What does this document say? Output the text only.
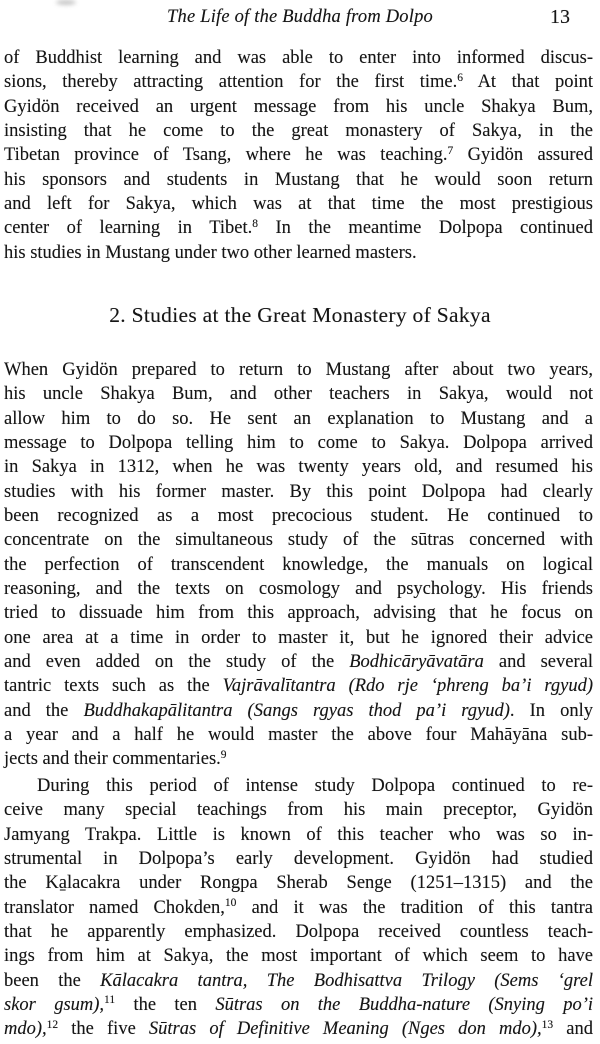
The Life of the Buddha from Dolpo	13
of Buddhist learning and was able to enter into informed discus-
sions, thereby attracting attention for the first time.$^6$ At that point
Gyidön received an urgent message from his uncle Shakya Bum,
insisting that he come to the great monastery of Sakya, in the
Tibetan province of Tsang, where he was teaching.$^7$ Gyidön assured
his sponsors and students in Mustang that he would soon return
and left for Sakya, which was at that time the most prestigious
center of learning in Tibet.$^8$ In the meantime Dolpopa continued
his studies in Mustang under two other learned masters.
2. Studies at the Great Monastery of Sakya
When Gyidön prepared to return to Mustang after about two years,
his uncle Shakya Bum, and other teachers in Sakya, would not
allow him to do so. He sent an explanation to Mustang and a
message to Dolpopa telling him to come to Sakya. Dolpopa arrived
in Sakya in 1312, when he was twenty years old, and resumed his
studies with his former master. By this point Dolpopa had clearly
been recognized as a most precocious student. He continued to
concentrate on the simultaneous study of the sūtras concerned with
the perfection of transcendent knowledge, the manuals on logical
reasoning, and the texts on cosmology and psychology. His friends
tried to dissuade him from this approach, advising that he focus on
one area at a time in order to master it, but he ignored their advice
and even added on the study of the Bodhicāryāvatāra and several
tantric texts such as the Vajrāvalītantra (Rdo rje ‘phreng ba’i rgyud)
and the Buddhakapālitantra (Sangs rgyas thod pa’i rgyud). In only
a year and a half he would master the above four Mahāyāna sub-
jects and their commentaries.$^9$
During this period of intense study Dolpopa continued to re-
ceive many special teachings from his main preceptor, Gyidön
Jamyang Trakpa. Little is known of this teacher who was so in-
strumental in Dolpopa’s early development. Gyidön had studied
the Ka̱lacakra under Rongpa Sherab Senge (1251–1315) and the
translator named Chokden,$^{10}$ and it was the tradition of this tantra
that he apparently emphasized. Dolpopa received countless teach-
ings from him at Sakya, the most important of which seem to have
been the Kālacakra tantra, The Bodhisattva Trilogy (Sems ‘grel
skor gsum),$^{11}$ the ten Sūtras on the Buddha-nature (Snying po’i
mdo),$^{12}$ the five Sūtras of Definitive Meaning (Nges don mdo),$^{13}$ and
